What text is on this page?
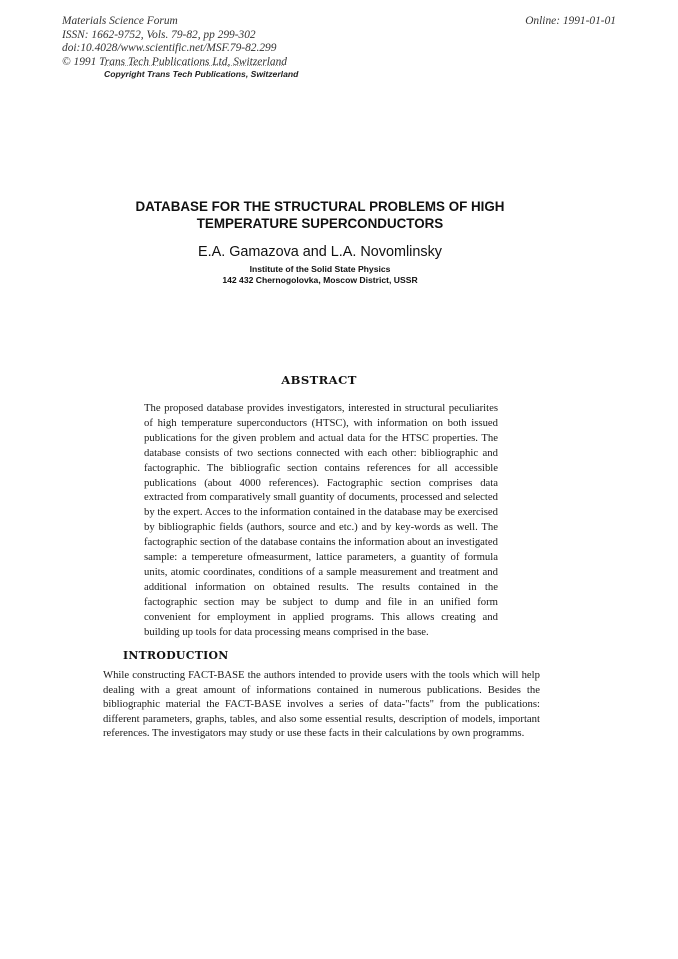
Materials Science Forum
ISSN: 1662-9752, Vols. 79-82, pp 299-302
doi:10.4028/www.scientific.net/MSF.79-82.299
© 1991 Trans Tech Publications Ltd, Switzerland
Online: 1991-01-01
Copyright Trans Tech Publications, Switzerland
DATABASE FOR THE STRUCTURAL PROBLEMS OF HIGH
TEMPERATURE SUPERCONDUCTORS
E.A. Gamazova and L.A. Novomlinsky
Institute of the Solid State Physics
142 432 Chernogolovka, Moscow District, USSR
ABSTRACT
The proposed database provides investigators, interested in structural peculiarites of high temperature superconductors (HTSC), with information on both issued publications for the given problem and actual data for the HTSC properties. The database consists of two sections connected with each other: bibliographic and factographic. The bibliografic section contains references for all accessible publications (about 4000 references). Factographic section comprises data extracted from comparatively small guantity of documents, processed and selected by the expert. Acces to the information contained in the database may be exercised by bibliographic fields (authors, source and etc.) and by key-words as well. The factographic section of the database contains the information about an investigated sample: a tempereture ofmeasurment, lattice parameters, a guantity of formula units, atomic coordinates, conditions of a sample measurement and treatment and additional information on obtained results. The results contained in the factographic section may be subject to dump and file in an unified form convenient for employment in applied programs. This allows creating and building up tools for data processing means comprised in the base.
INTRODUCTION
While constructing FACT-BASE the authors intended to provide users with the tools which will help dealing with a great amount of informations contained in numerous publications. Besides the bibliographic material the FACT-BASE involves a series of data-"facts" from the publications: different parameters, graphs, tables, and also some essential results, description of models, important references. The investigators may study or use these facts in their calculations by own programms.
